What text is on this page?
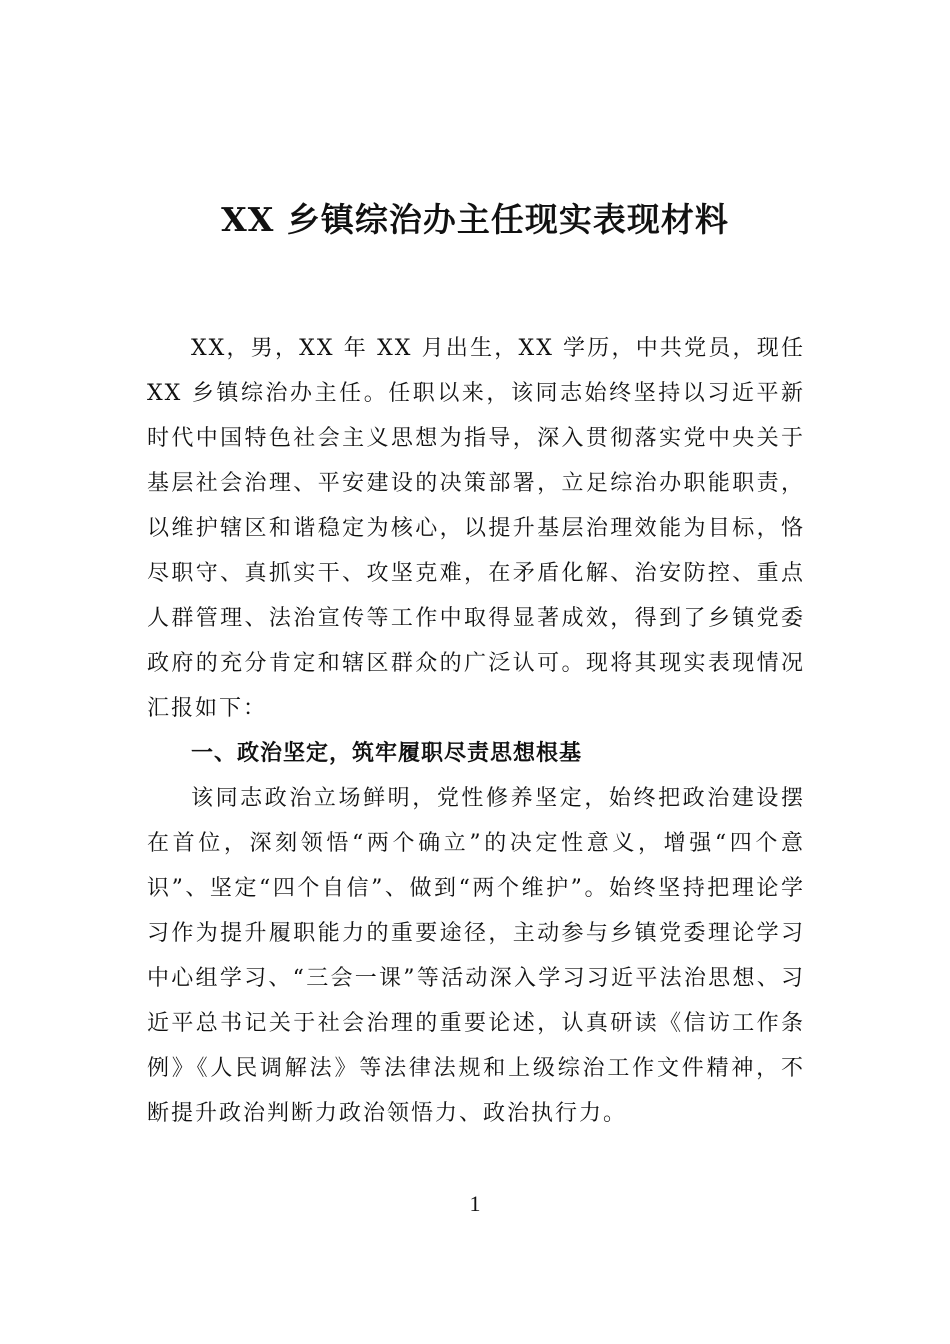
XX 乡镇综治办主任现实表现材料

XX，男，XX 年 XX 月出生，XX 学历，中共党员，现任 XX 乡镇综治办主任。任职以来，该同志始终坚持以习近平新时代中国特色社会主义思想为指导，深入贯彻落实党中央关于基层社会治理、平安建设的决策部署，立足综治办职能职责，以维护辖区和谐稳定为核心，以提升基层治理效能为目标，恪尽职守、真抓实干、攻坚克难，在矛盾化解、治安防控、重点人群管理、法治宣传等工作中取得显著成效，得到了乡镇党委政府的充分肯定和辖区群众的广泛认可。现将其现实表现情况汇报如下：

一、政治坚定，筑牢履职尽责思想根基

该同志政治立场鲜明，党性修养坚定，始终把政治建设摆在首位，深刻领悟“两个确立”的决定性意义，增强“四个意识”、坚定“四个自信”、做到“两个维护”。始终坚持把理论学习作为提升履职能力的重要途径，主动参与乡镇党委理论学习中心组学习、“三会一课”等活动深入学习习近平法治思想、习近平总书记关于社会治理的重要论述，认真研读《信访工作条例》《人民调解法》等法律法规和上级综治工作文件精神，不断提升政治判断力政治领悟力、政治执行力。

1
